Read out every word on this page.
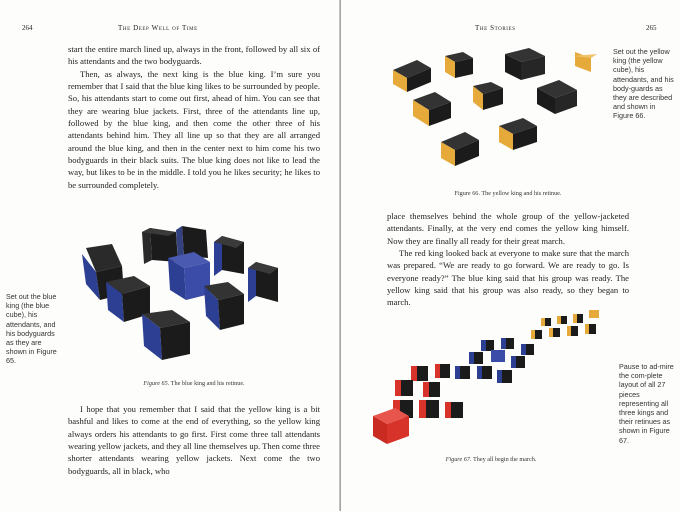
264	The Deep Well of Time

start the entire march lined up, always in the front, followed by all six of his attendants and the two bodyguards.

Then, as always, the next king is the blue king. I’m sure you remember that I said that the blue king likes to be surrounded by people. So, his attendants start to come out first, ahead of him. You can see that they are wearing blue jackets. First, three of the attendants line up, followed by the blue king, and then come the other three of his attendants behind him. They all line up so that they are all arranged around the blue king, and then in the center next to him come his two bodyguards in their black suits. The blue king does not like to lead the way, but likes to be in the middle. I told you he likes security; he likes to be surrounded completely.

Set out the blue king (the blue cube), his attendants, and his bodyguards as they are shown in Figure 65.
Figure 65. The blue king and his retinue.

I hope that you remember that I said that the yellow king is a bit bashful and likes to come at the end of everything, so the yellow king always orders his attendants to go first. First come three tall attendants wearing yellow jackets, and they all line themselves up. Then come three shorter attendants wearing yellow jackets. Next come the two bodyguards, all in black, who

The Stories	265
Set out the yellow king (the yellow cube), his attendants, and his body-guards as they are described and shown in Figure 66.
Figure 66. The yellow king and his retinue.

place themselves behind the whole group of the yellow-jacketed attendants. Finally, at the very end comes the yellow king himself. Now they are finally all ready for their great march.

The red king looked back at everyone to make sure that the march was prepared. “We are ready to go forward. We are ready to go. Is everyone ready?” The blue king said that his group was ready. The yellow king said that his group was also ready, so they began to march.

Pause to ad-mire the com-plete layout of all 27 pieces representing all three kings and their retinues as shown in Figure 67.
Figure 67. They all begin the march.
